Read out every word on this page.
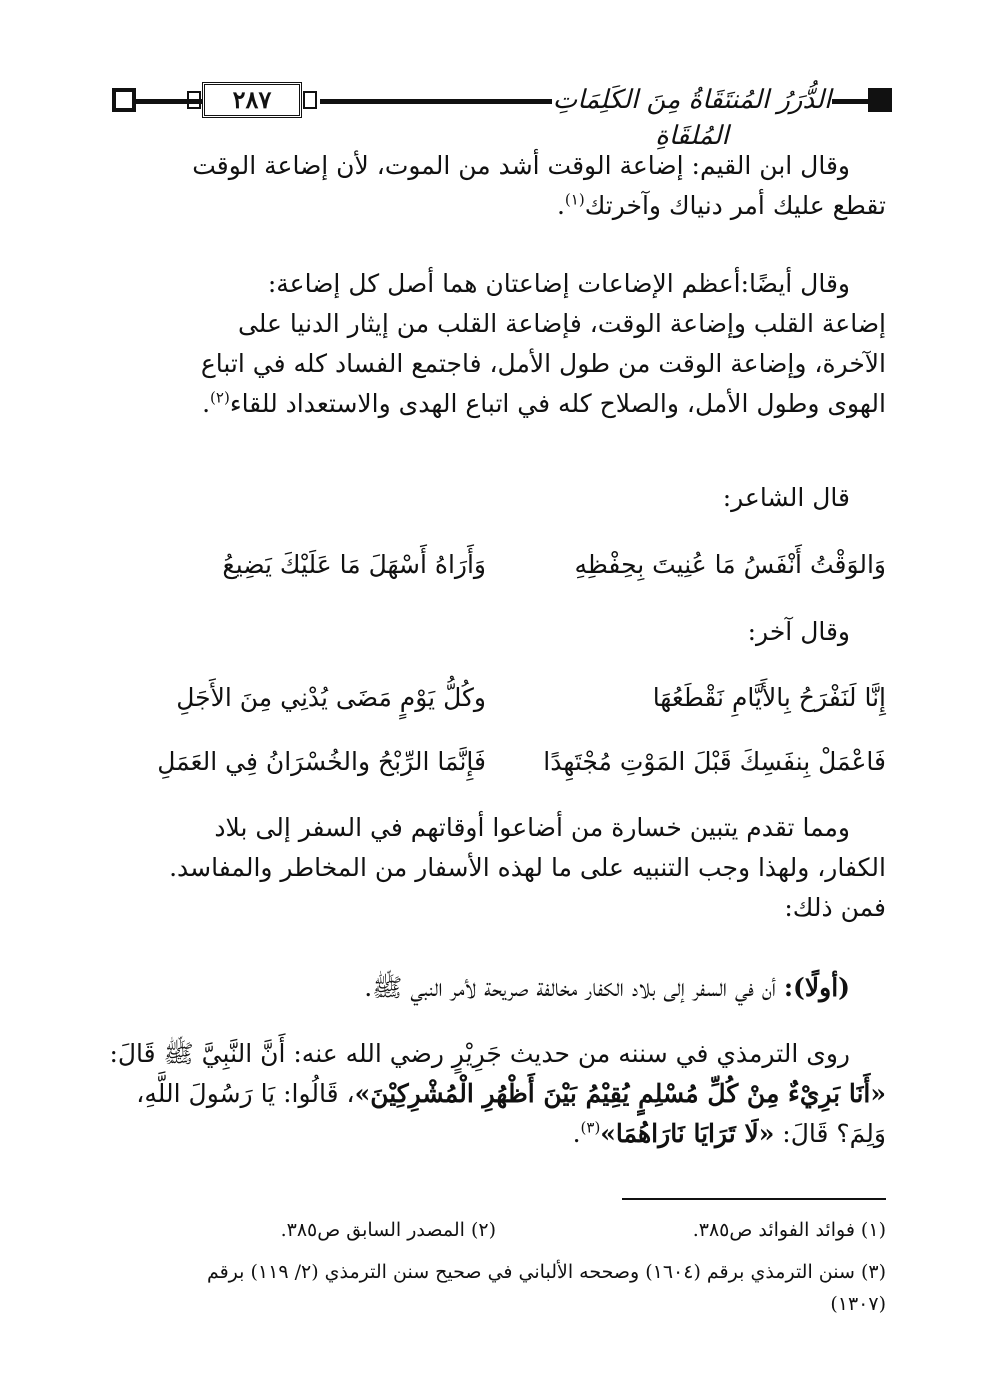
٢٨٧	الدُّرَرُ المُنتَقَاةُ مِنَ الكَلِمَاتِ المُلقَاةِ
وقال ابن القيم: إضاعة الوقت أشد من الموت، لأن إضاعة الوقت
تقطع عليك أمر دنياك وآخرتك$^{(١)}$.
وقال أيضًا:أعظم الإضاعات إضاعتان هما أصل كل إضاعة:
إضاعة القلب وإضاعة الوقت، فإضاعة القلب من إيثار الدنيا على
الآخرة، وإضاعة الوقت من طول الأمل، فاجتمع الفساد كله في اتباع
الهوى وطول الأمل، والصلاح كله في اتباع الهدى والاستعداد للقاء$^{(٢)}$.
قال الشاعر:
وَالوَقْتُ أَنْفَسُ مَا عُنِيتَ بِحِفْظِهِ
وَأَرَاهُ أَسْهَلَ مَا عَلَيْكَ يَضِيعُ
وقال آخر:
إِنَّا لَنَفْرَحُ بِالأَيَّامِ نَقْطَعُهَا
وكُلُّ يَوْمٍ مَضَى يُدْنِي مِنَ الأَجَلِ
فَاعْمَلْ بِنفَسِكَ قَبْلَ المَوْتِ مُجْتَهِدًا
فَإِنَّمَا الرِّبْحُ والخُسْرَانُ فِي العَمَلِ
ومما تقدم يتبين خسارة من أضاعوا أوقاتهم في السفر إلى بلاد
الكفار، ولهذا وجب التنبيه على ما لهذه الأسفار من المخاطر والمفاسد.
فمن ذلك:
(أولًا): أن في السفر إلى بلاد الكفار مخالفة صريحة لأمر النبي ﷺ.
روى الترمذي في سننه من حديث جَرِيْرٍ رضي الله عنه: أَنَّ النَّبِيَّ ﷺ قَالَ:
«أَنَا بَرِيْءٌ مِنْ كُلِّ مُسْلِمٍ يُقِيْمُ بَيْنَ أَظْهُرِ الْمُشْرِكِيْنَ»، قَالُوا: يَا رَسُولَ اللَّهِ،
وَلِمَ؟ قَالَ: «لَا تَرَايَا نَارَاهُمَا»$^{(٣)}$.
(١) فوائد الفوائد ص٣٨٥.
(٢) المصدر السابق ص٣٨٥.
(٣) سنن الترمذي برقم (١٦٠٤) وصححه الألباني في صحيح سنن الترمذي (٢/ ١١٩) برقم
(١٣٠٧)
